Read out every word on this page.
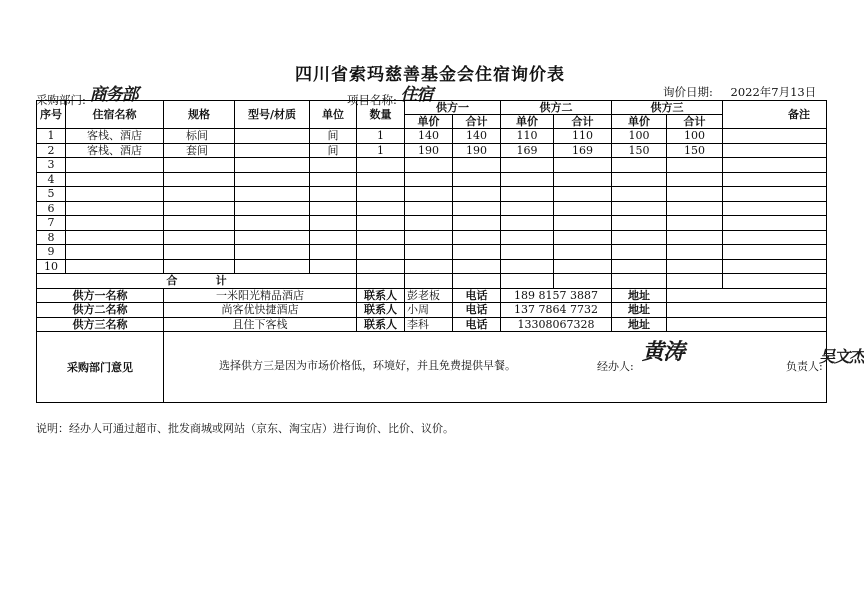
四川省索玛慈善基金会住宿询价表
采购部门: 商务部	项目名称: 住宿	询价日期: 2022年7月13日
序号	住宿名称	规格	型号/材质	单位	数量	供方一		供方二		供方三		备注
						单价	合计	单价	合计	单价	合计	
1	客栈、酒店	标间		间	1	140	140	110	110	100	100	
2	客栈、酒店	套间		间	1	190	190	169	169	150	150	
3												
4												
5												
6												
7												
8												
9												
10												
合          计												
供方一名称		一米阳光精品酒店			联系人	彭老板	电话	189 8157 3887		地址		
供方二名称		尚客优快捷酒店			联系人	小周	电话	137 7864 7732		地址		
供方三名称		且住下客栈			联系人	李科	电话	13308067328		地址		
采购部门意见		选择供方三是因为市场价格低，环境好，并且免费提供早餐。 经办人:
黄涛
负责人:
吴文杰										
说明：经办人可通过超市、批发商城或网站（京东、淘宝店）进行询价、比价、议价。
